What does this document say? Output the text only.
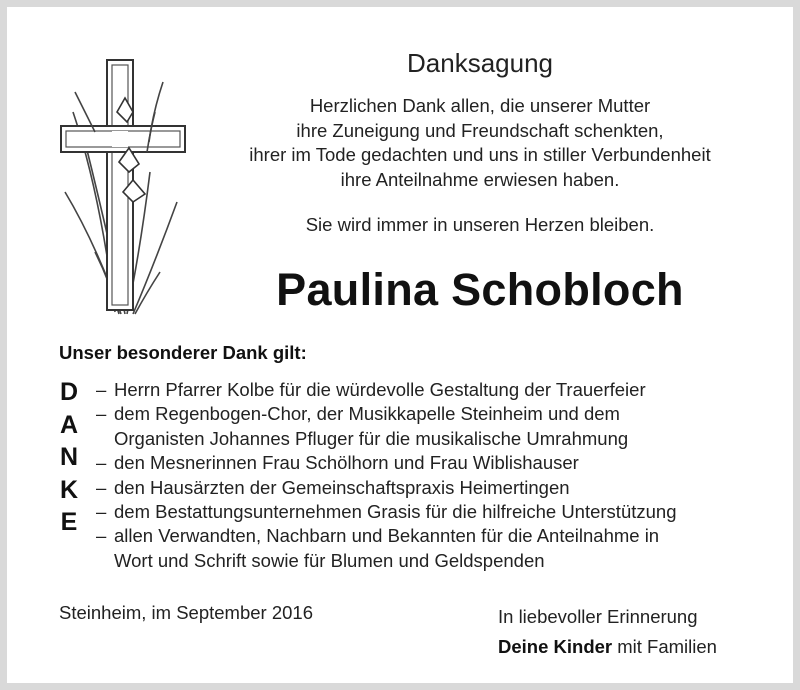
Danksagung
Herzlichen Dank allen, die unserer Mutter
ihre Zuneigung und Freundschaft schenkten,
ihrer im Tode gedachten und uns in stiller Verbundenheit
ihre Anteilnahme erwiesen haben.
Sie wird immer in unseren Herzen bleiben.
Paulina Schobloch
Unser besonderer Dank gilt:
D
A
N
K
E
– Herrn Pfarrer Kolbe für die würdevolle Gestaltung der Trauerfeier
– dem Regenbogen-Chor, der Musikkapelle Steinheim und dem
Organisten Johannes Pfluger für die musikalische Umrahmung
– den Mesnerinnen Frau Schölhorn und Frau Wiblishauser
– den Hausärzten der Gemeinschaftspraxis Heimertingen
– dem Bestattungsunternehmen Grasis für die hilfreiche Unterstützung
– allen Verwandten, Nachbarn und Bekannten für die Anteilnahme in
Wort und Schrift sowie für Blumen und Geldspenden
Steinheim, im September 2016	In liebevoller Erinnerung
Deine Kinder mit Familien
